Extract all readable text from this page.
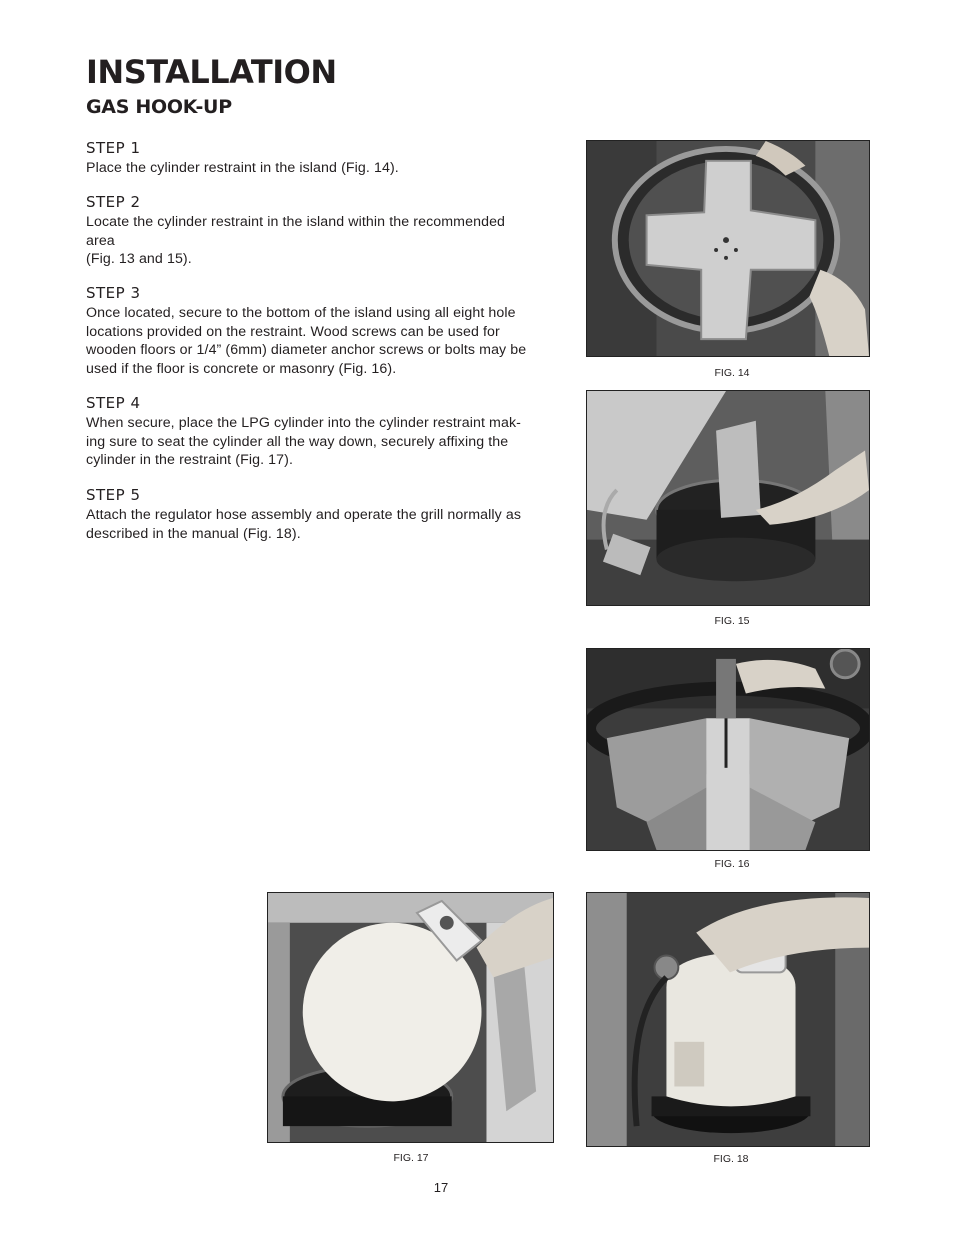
INSTALLATION
GAS HOOK-UP
STEP 1

Place the cylinder restraint in the island (Fig. 14).

STEP 2

Locate the cylinder restraint in the island within the recommended
area
(Fig. 13 and 15).

STEP 3

Once located, secure to the bottom of the island using all eight hole
locations provided on the restraint. Wood screws can be used for
wooden floors or 1/4” (6mm) diameter anchor screws or bolts may be
used if the floor is concrete or masonry (Fig. 16).

STEP 4

When secure, place the LPG cylinder into the cylinder restraint mak-
ing sure to seat the cylinder all the way down, securely affixing the
cylinder in the restraint (Fig. 17).

STEP 5

Attach the regulator hose assembly and operate the grill normally as
described in the manual (Fig. 18).

FIG. 14
FIG. 15
FIG. 16
FIG. 17	FIG. 18
17
